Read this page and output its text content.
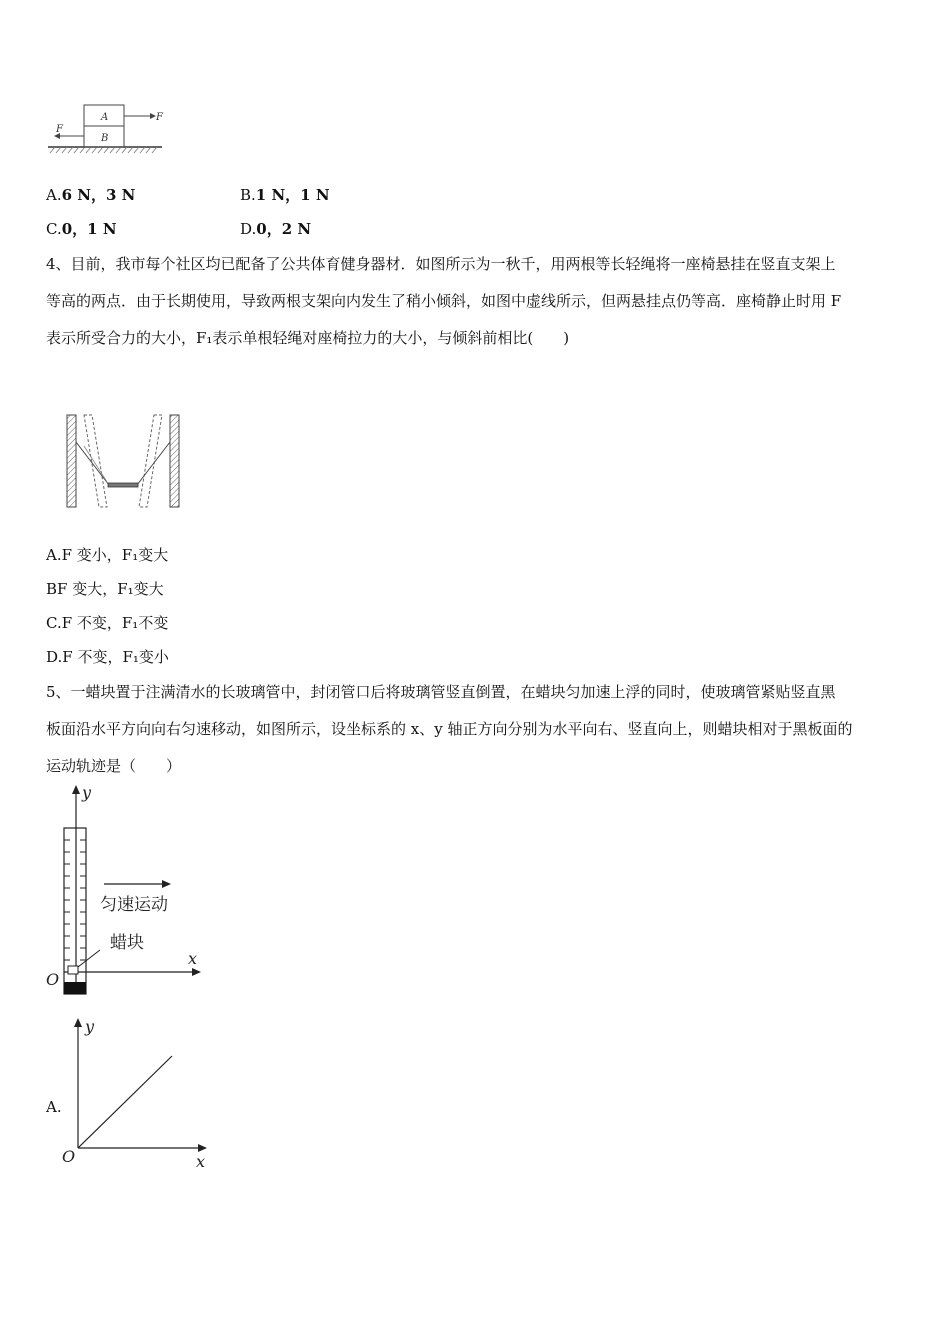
A
B
F
F
A.6 N，3 N	B.1 N，1 N
C.0，1 N	D.0，2 N
4、目前，我市每个社区均已配备了公共体育健身器材．如图所示为一秋千，用两根等长轻绳将一座椅悬挂在竖直支架上
等高的两点．由于长期使用，导致两根支架向内发生了稍小倾斜，如图中虚线所示，但两悬挂点仍等高．座椅静止时用 F
表示所受合力的大小，F₁表示单根轻绳对座椅拉力的大小，与倾斜前相比(　　)
A.F 变小，F₁变大
BF 变大，F₁变大
C.F 不变，F₁不变
D.F 不变，F₁变小
5、一蜡块置于注满清水的长玻璃管中，封闭管口后将玻璃管竖直倒置，在蜡块匀加速上浮的同时，使玻璃管紧贴竖直黑
板面沿水平方向向右匀速移动，如图所示，设坐标系的 x、y 轴正方向分别为水平向右、竖直向上，则蜡块相对于黑板面的
运动轨迹是（　　）
y
x
O
蜡块
匀速运动
A.
y
x
O
